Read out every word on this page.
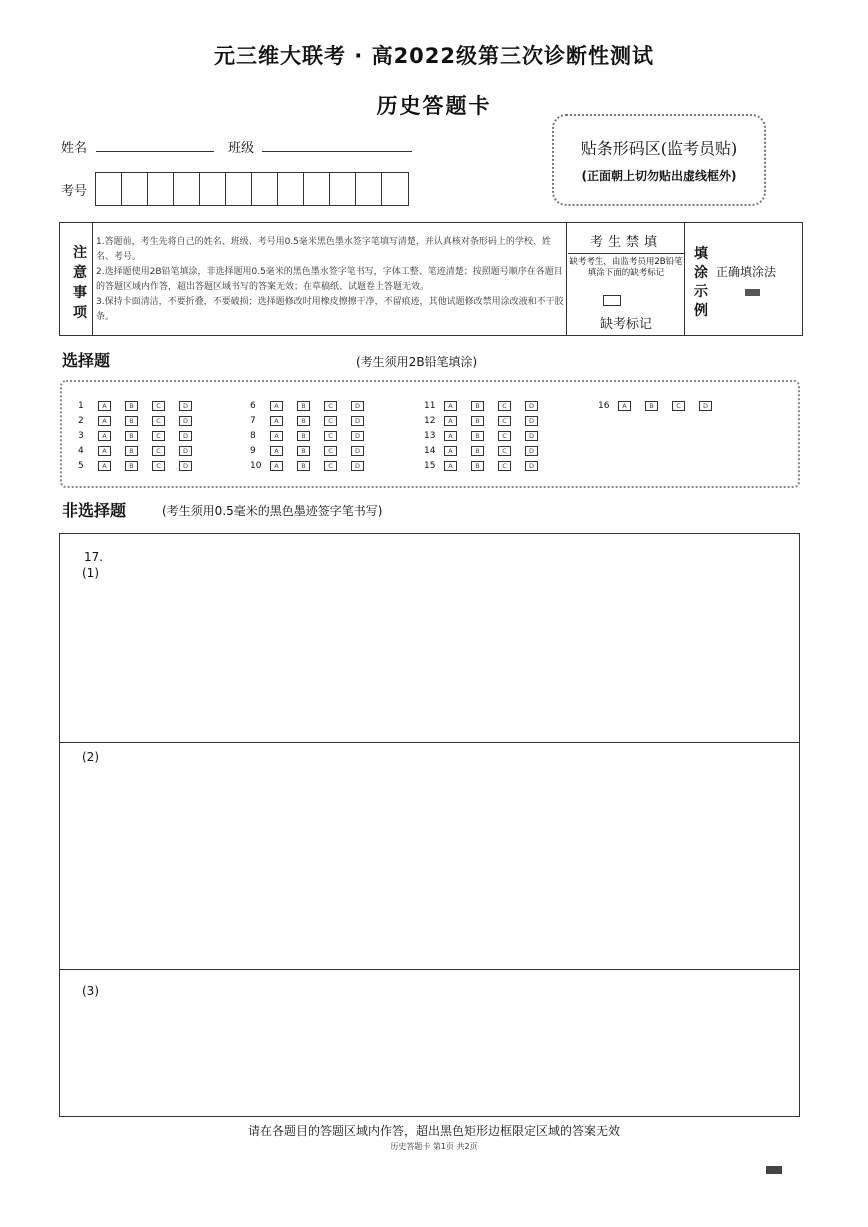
元三维大联考 · 高2022级第三次诊断性测试
历史答题卡
姓名	班级
考号
贴条形码区(监考员贴)
(正面朝上切勿贴出虚线框外)
注
意
事
项
1.答题前，考生先将自己的姓名、班级、考号用0.5毫米黑色墨水签字笔填写清楚，并认真核对条形码上的学校、姓名、考号。
2.选择题使用2B铅笔填涂，非选择题用0.5毫米的黑色墨水签字笔书写，字体工整、笔迹清楚；按照题号顺序在各题目的答题区域内作答，超出答题区域书写的答案无效；在草稿纸、试题卷上答题无效。
3.保持卡面清洁，不要折叠，不要破损；选择题修改时用橡皮擦擦干净，不留痕迹，其他试题修改禁用涂改液和不干胶条。
考生禁填
缺考考生，由监考员用2B铅笔填涂下面的缺考标记
缺考标记
填
涂
示
例
正确填涂法
选择题	(考生须用2B铅笔填涂)
1	A	B	C	D
2	A	B	C	D
3	A	B	C	D
4	A	B	C	D
5	A	B	C	D
6	A	B	C	D
7	A	B	C	D
8	A	B	C	D
9	A	B	C	D
10	A	B	C	D
11	A	B	C	D
12	A	B	C	D
13	A	B	C	D
14	A	B	C	D
15	A	B	C	D
16	A	B	C	D
非选择题	(考生须用0.5毫米的黑色墨迹签字笔书写)
17.
(1)
(2)
(3)
请在各题目的答题区域内作答，超出黑色矩形边框限定区域的答案无效
历史答题卡 第1页 共2页
